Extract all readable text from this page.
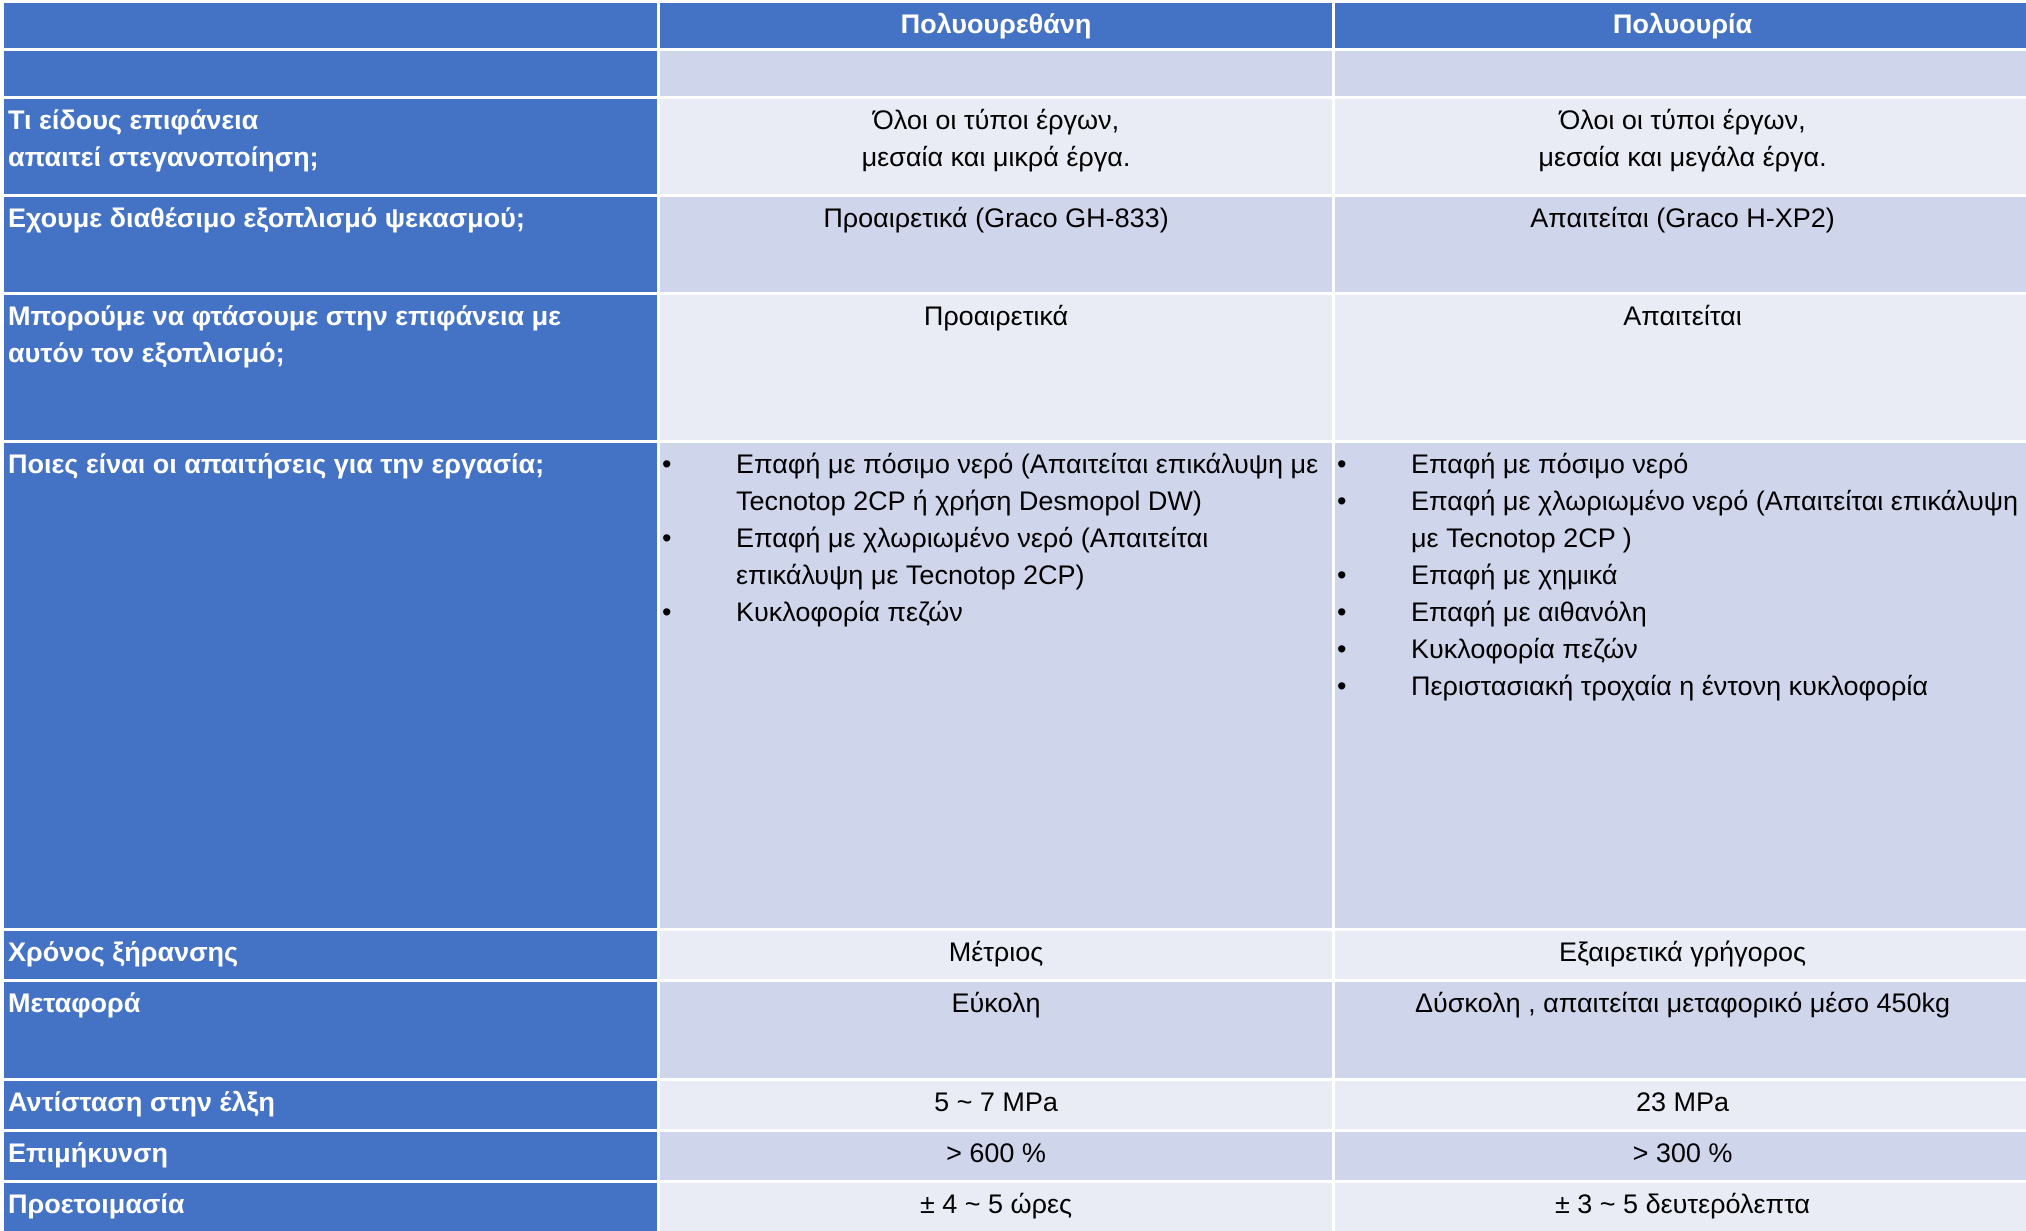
Πολυουρεθάνη	Πολυουρία
Τι είδους επιφάνεια
απαιτεί στεγανοποίηση;
Όλοι οι τύποι έργων,
μεσαία και μικρά έργα.
Όλοι οι τύποι έργων,
μεσαία και μεγάλα έργα.
Εχουμε διαθέσιμο εξοπλισμό ψεκασμού;	Προαιρετικά (Graco GH-833)	Απαιτείται (Graco H-XP2)
Μπορούμε να φτάσουμε στην επιφάνεια με
αυτόν τον εξοπλισμό;
Προαιρετικά	Απαιτείται
Ποιες είναι οι απαιτήσεις για την εργασία;
•	Επαφή με πόσιμο νερό (Απαιτείται επικάλυψη με Tecnotop 2CP ή χρήση Desmopol DW)
• Επαφή με χλωριωμένο νερό (Απαιτείται επικάλυψη με Tecnotop 2CP)
• Κυκλοφορία πεζών
• Επαφή με πόσιμο νερό
• Επαφή με χλωριωμένο νερό (Απαιτείται επικάλυψη με Tecnotop 2CP )
• Επαφή με χημικά
• Επαφή με αιθανόλη
• Κυκλοφορία πεζών
• Περιστασιακή τροχαία η έντονη κυκλοφορία
Χρόνος ξήρανσης	Μέτριος	Εξαιρετικά γρήγορος
Μεταφορά	Εύκολη	Δύσκολη , απαιτείται μεταφορικό μέσο 450kg
Αντίσταση στην έλξη	5 ~ 7 MPa	23 MPa
Επιμήκυνση	> 600 %	> 300 %
Προετοιμασία	± 4 ~ 5 ώρες	± 3 ~ 5 δευτερόλεπτα
